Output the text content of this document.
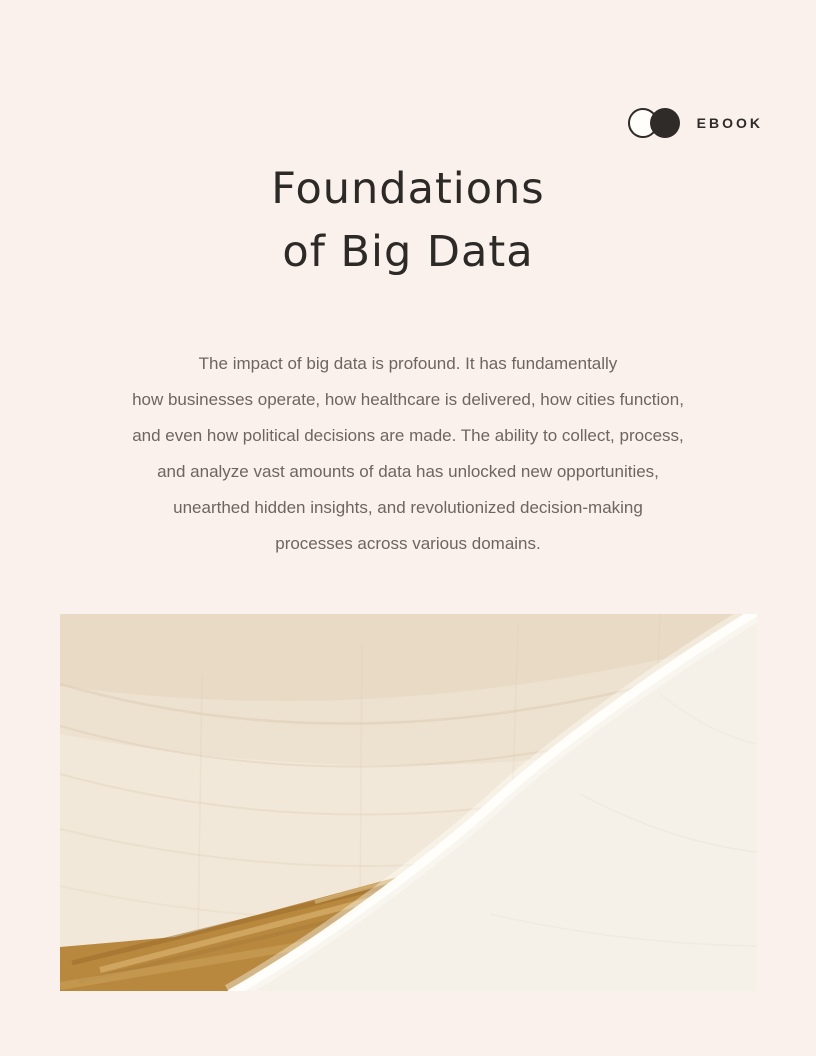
EBOOK
Foundations
of Big Data

The impact of big data is profound. It has fundamentally
how businesses operate, how healthcare is delivered, how cities function,
and even how political decisions are made. The ability to collect, process,
and analyze vast amounts of data has unlocked new opportunities,
unearthed hidden insights, and revolutionized decision-making
processes across various domains.
